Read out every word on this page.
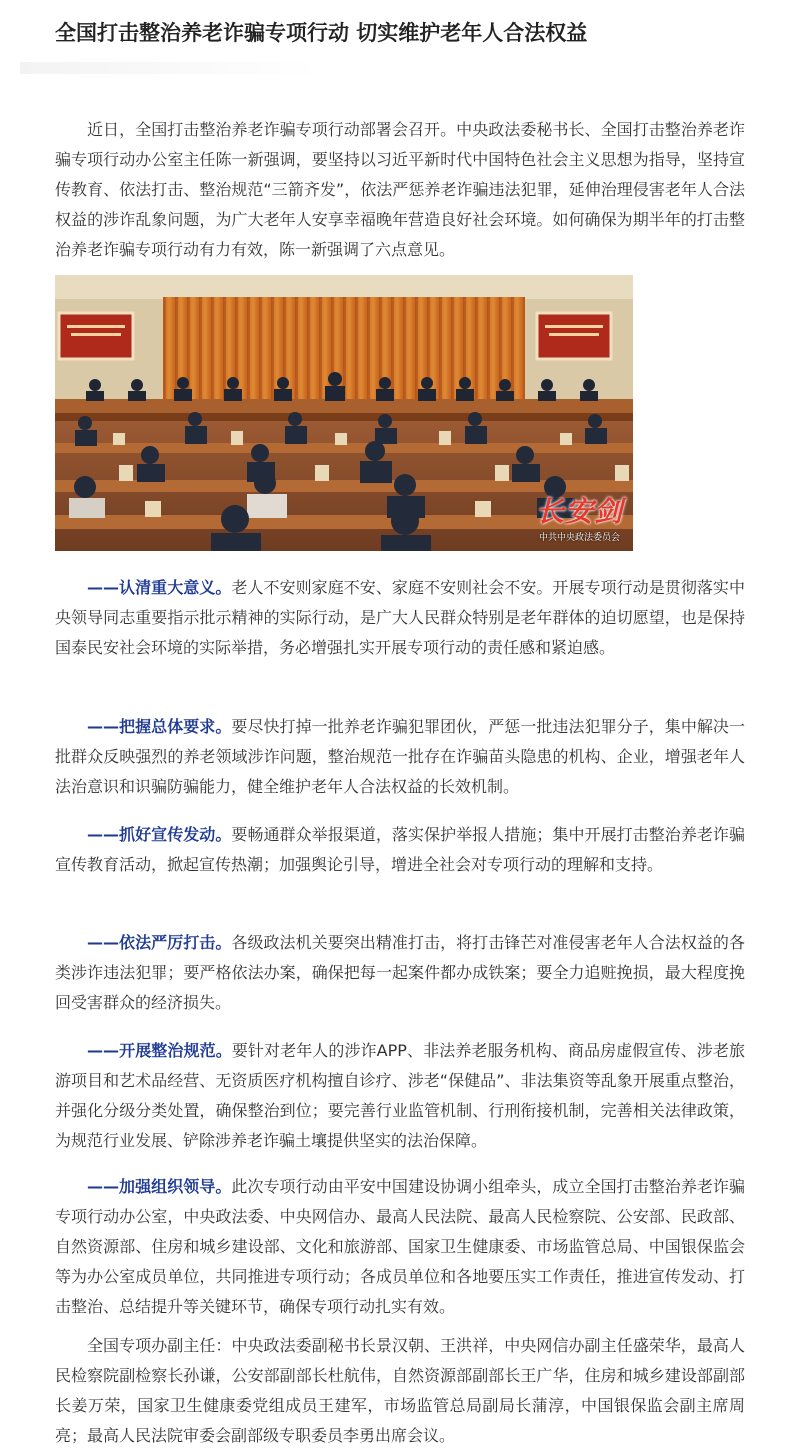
全国打击整治养老诈骗专项行动 切实维护老年人合法权益

近日，全国打击整治养老诈骗专项行动部署会召开。中央政法委秘书长、全国打击整治养老诈骗专项行动办公室主任陈一新强调，要坚持以习近平新时代中国特色社会主义思想为指导，坚持宣传教育、依法打击、整治规范“三箭齐发”，依法严惩养老诈骗违法犯罪，延伸治理侵害老年人合法权益的涉诈乱象问题，为广大老年人安享幸福晚年营造良好社会环境。如何确保为期半年的打击整治养老诈骗专项行动有力有效，陈一新强调了六点意见。

长安剑
中共中央政法委员会

——认清重大意义。老人不安则家庭不安、家庭不安则社会不安。开展专项行动是贯彻落实中央领导同志重要指示批示精神的实际行动，是广大人民群众特别是老年群体的迫切愿望，也是保持国泰民安社会环境的实际举措，务必增强扎实开展专项行动的责任感和紧迫感。

——把握总体要求。要尽快打掉一批养老诈骗犯罪团伙，严惩一批违法犯罪分子，集中解决一批群众反映强烈的养老领域涉诈问题，整治规范一批存在诈骗苗头隐患的机构、企业，增强老年人法治意识和识骗防骗能力，健全维护老年人合法权益的长效机制。

——抓好宣传发动。要畅通群众举报渠道，落实保护举报人措施；集中开展打击整治养老诈骗宣传教育活动，掀起宣传热潮；加强舆论引导，增进全社会对专项行动的理解和支持。

——依法严厉打击。各级政法机关要突出精准打击，将打击锋芒对准侵害老年人合法权益的各类涉诈违法犯罪；要严格依法办案，确保把每一起案件都办成铁案；要全力追赃挽损，最大程度挽回受害群众的经济损失。

——开展整治规范。要针对老年人的涉诈APP、非法养老服务机构、商品房虚假宣传、涉老旅游项目和艺术品经营、无资质医疗机构擅自诊疗、涉老“保健品”、非法集资等乱象开展重点整治，并强化分级分类处置，确保整治到位；要完善行业监管机制、行刑衔接机制，完善相关法律政策，为规范行业发展、铲除涉养老诈骗土壤提供坚实的法治保障。

——加强组织领导。此次专项行动由平安中国建设协调小组牵头，成立全国打击整治养老诈骗专项行动办公室，中央政法委、中央网信办、最高人民法院、最高人民检察院、公安部、民政部、自然资源部、住房和城乡建设部、文化和旅游部、国家卫生健康委、市场监管总局、中国银保监会等为办公室成员单位，共同推进专项行动；各成员单位和各地要压实工作责任，推进宣传发动、打击整治、总结提升等关键环节，确保专项行动扎实有效。

全国专项办副主任：中央政法委副秘书长景汉朝、王洪祥，中央网信办副主任盛荣华，最高人民检察院副检察长孙谦，公安部副部长杜航伟，自然资源部副部长王广华，住房和城乡建设部副部长姜万荣，国家卫生健康委党组成员王建军，市场监管总局副局长蒲淳，中国银保监会副主席周亮；最高人民法院审委会副部级专职委员李勇出席会议。
